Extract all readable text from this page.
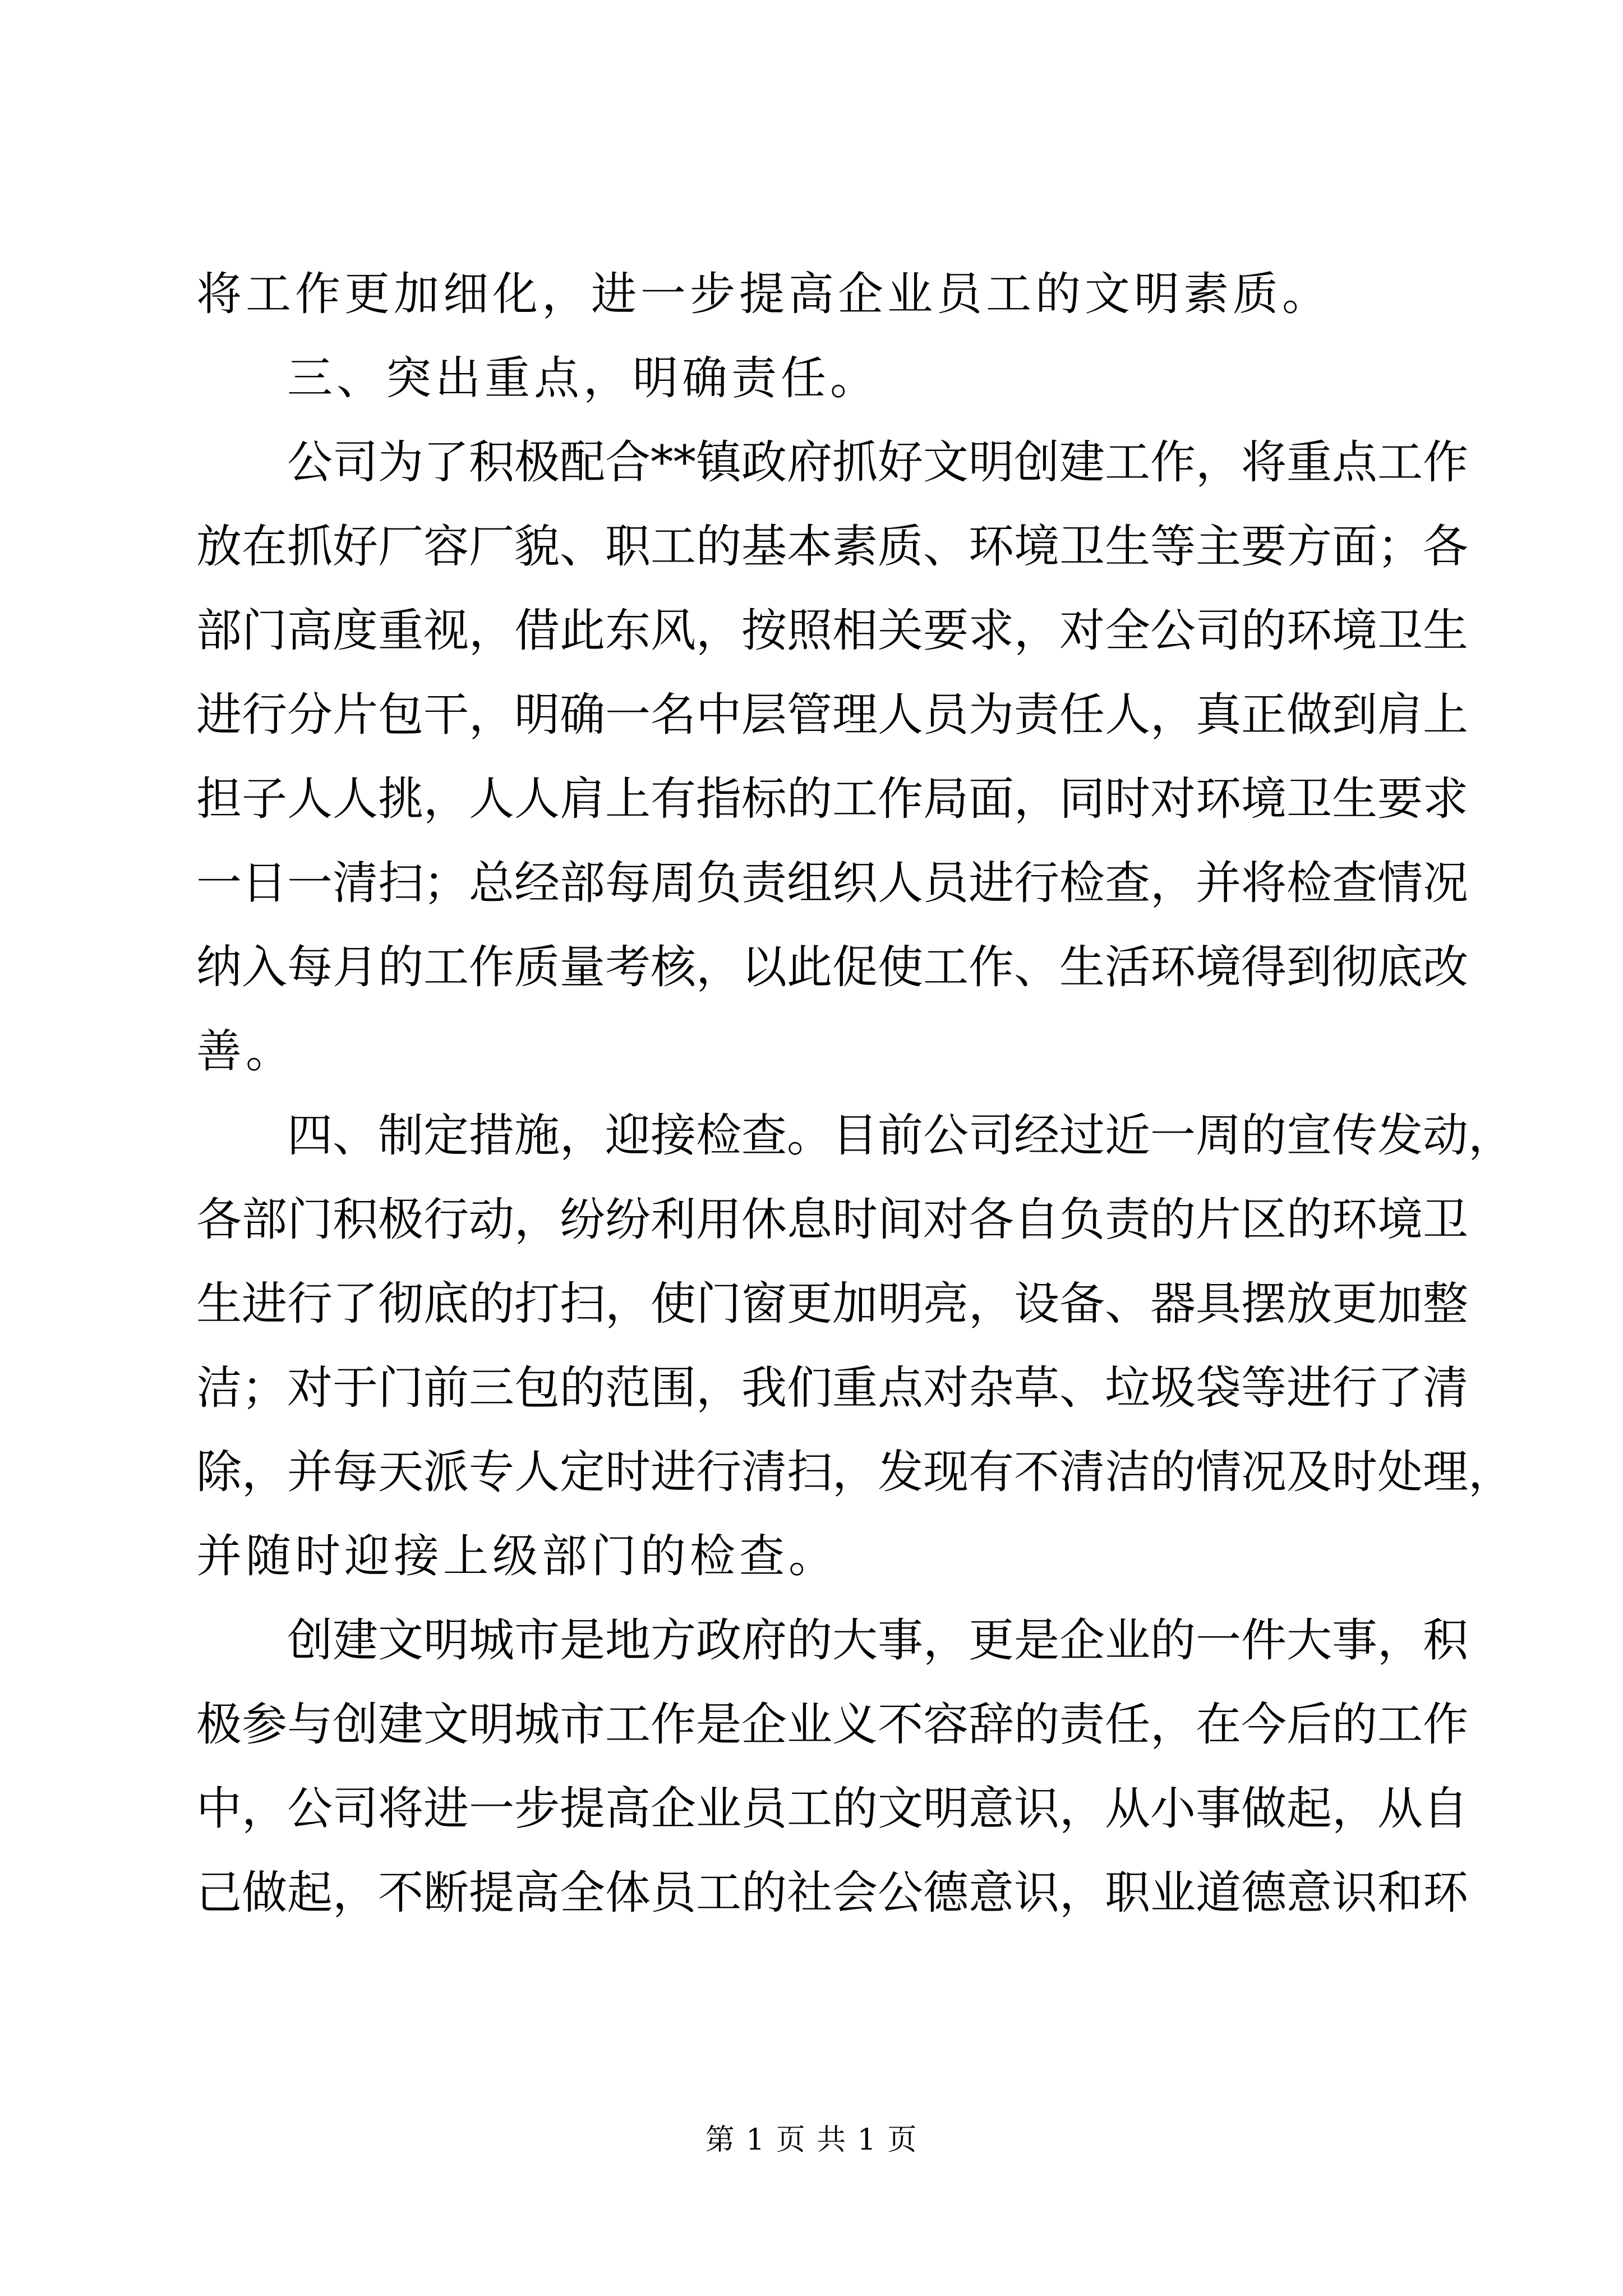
将工作更加细化，进一步提高企业员工的文明素质。
三、突出重点，明确责任。
公司为了积极配合**镇政府抓好文明创建工作，将重点工作
放在抓好厂容厂貌、职工的基本素质、环境卫生等主要方面；各
部门高度重视，借此东风，按照相关要求，对全公司的环境卫生
进行分片包干，明确一名中层管理人员为责任人，真正做到肩上
担子人人挑，人人肩上有指标的工作局面，同时对环境卫生要求
一日一清扫；总经部每周负责组织人员进行检查，并将检查情况
纳入每月的工作质量考核，以此促使工作、生活环境得到彻底改
善。
四、制定措施，迎接检查。目前公司经过近一周的宣传发动，
各部门积极行动，纷纷利用休息时间对各自负责的片区的环境卫
生进行了彻底的打扫，使门窗更加明亮，设备、器具摆放更加整
洁；对于门前三包的范围，我们重点对杂草、垃圾袋等进行了清
除，并每天派专人定时进行清扫，发现有不清洁的情况及时处理，
并随时迎接上级部门的检查。
创建文明城市是地方政府的大事，更是企业的一件大事，积
极参与创建文明城市工作是企业义不容辞的责任，在今后的工作
中，公司将进一步提高企业员工的文明意识，从小事做起，从自
己做起，不断提高全体员工的社会公德意识，职业道德意识和环
第 1 页 共 1 页
